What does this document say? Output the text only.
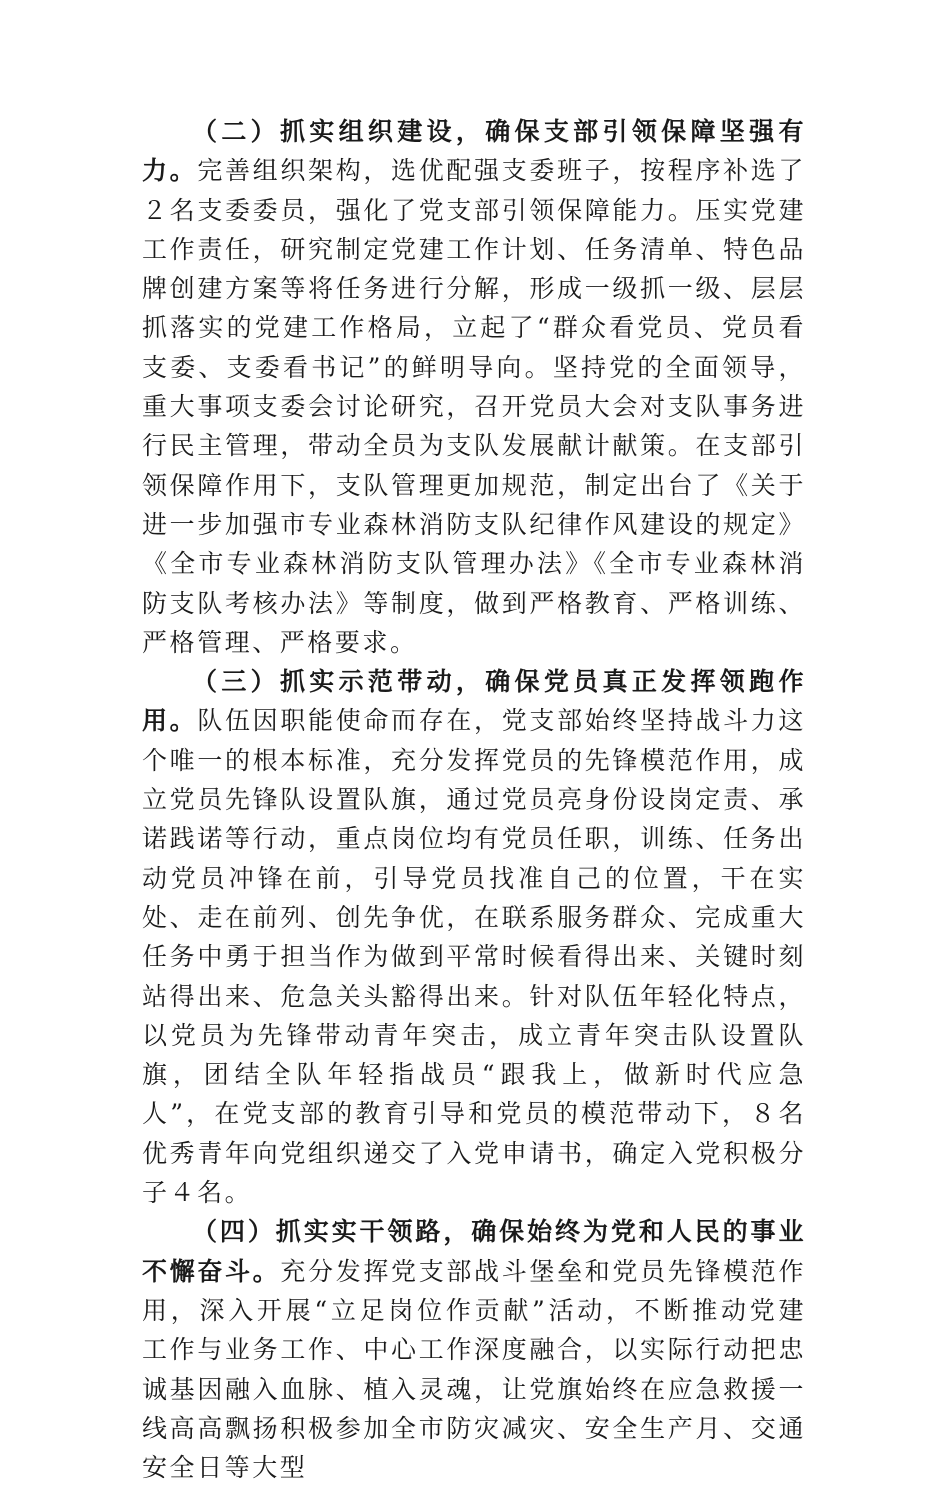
（二）抓实组织建设，确保支部引领保障坚强有力。完善组织架构，选优配强支委班子，按程序补选了２名支委委员，强化了党支部引领保障能力。压实党建工作责任，研究制定党建工作计划、任务清单、特色品牌创建方案等将任务进行分解，形成一级抓一级、层层抓落实的党建工作格局，立起了“群众看党员、党员看支委、支委看书记”的鲜明导向。坚持党的全面领导，重大事项支委会讨论研究，召开党员大会对支队事务进行民主管理，带动全员为支队发展献计献策。在支部引领保障作用下，支队管理更加规范，制定出台了《关于进一步加强市专业森林消防支队纪律作风建设的规定》《全市专业森林消防支队管理办法》《全市专业森林消防支队考核办法》等制度，做到严格教育、严格训练、严格管理、严格要求。

（三）抓实示范带动，确保党员真正发挥领跑作用。队伍因职能使命而存在，党支部始终坚持战斗力这个唯一的根本标准，充分发挥党员的先锋模范作用，成立党员先锋队设置队旗，通过党员亮身份设岗定责、承诺践诺等行动，重点岗位均有党员任职，训练、任务出动党员冲锋在前，引导党员找准自己的位置，干在实处、走在前列、创先争优，在联系服务群众、完成重大任务中勇于担当作为做到平常时候看得出来、关键时刻站得出来、危急关头豁得出来。针对队伍年轻化特点，以党员为先锋带动青年突击，成立青年突击队设置队旗，团结全队年轻指战员“跟我上，做新时代应急人”，在党支部的教育引导和党员的模范带动下，８名优秀青年向党组织递交了入党申请书，确定入党积极分子４名。

（四）抓实实干领路，确保始终为党和人民的事业不懈奋斗。充分发挥党支部战斗堡垒和党员先锋模范作用，深入开展“立足岗位作贡献”活动，不断推动党建工作与业务工作、中心工作深度融合，以实际行动把忠诚基因融入血脉、植入灵魂，让党旗始终在应急救援一线高高飘扬积极参加全市防灾减灾、安全生产月、交通安全日等大型
